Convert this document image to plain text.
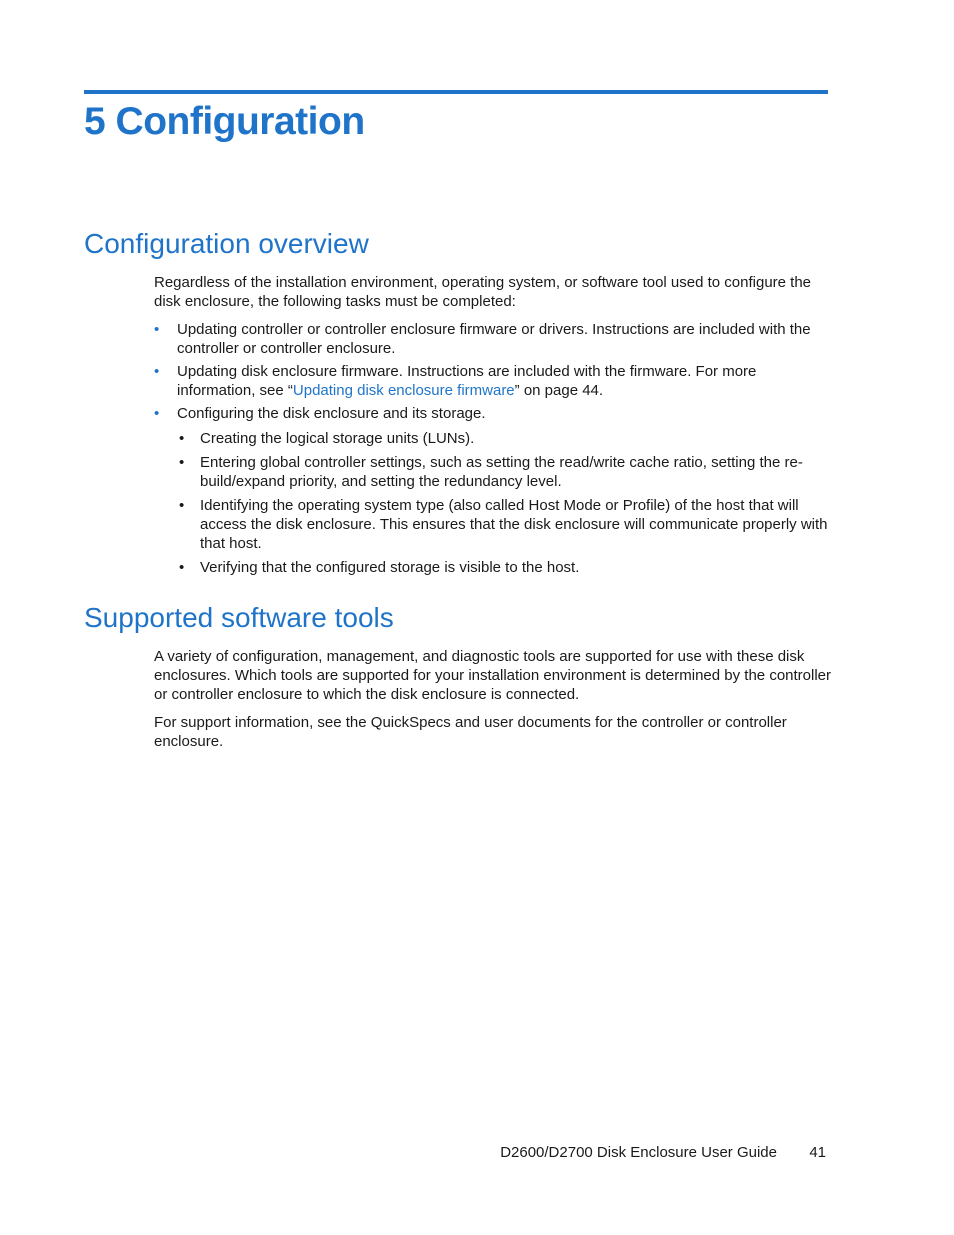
5 Configuration
Configuration overview

Regardless of the installation environment, operating system, or software tool used to configure the disk enclosure, the following tasks must be completed:

• Updating controller or controller enclosure firmware or drivers. Instructions are included with the controller or controller enclosure.
• Updating disk enclosure firmware. Instructions are included with the firmware. For more information, see “Updating disk enclosure firmware” on page 44.
• Configuring the disk enclosure and its storage.
• Creating the logical storage units (LUNs).
• Entering global controller settings, such as setting the read/write cache ratio, setting the re-build/expand priority, and setting the redundancy level.
• Identifying the operating system type (also called Host Mode or Profile) of the host that will access the disk enclosure. This ensures that the disk enclosure will communicate properly with that host.
• Verifying that the configured storage is visible to the host.
Supported software tools

A variety of configuration, management, and diagnostic tools are supported for use with these disk enclosures. Which tools are supported for your installation environment is determined by the controller or controller enclosure to which the disk enclosure is connected.

For support information, see the QuickSpecs and user documents for the controller or controller enclosure.

D2600/D2700 Disk Enclosure User Guide 41
